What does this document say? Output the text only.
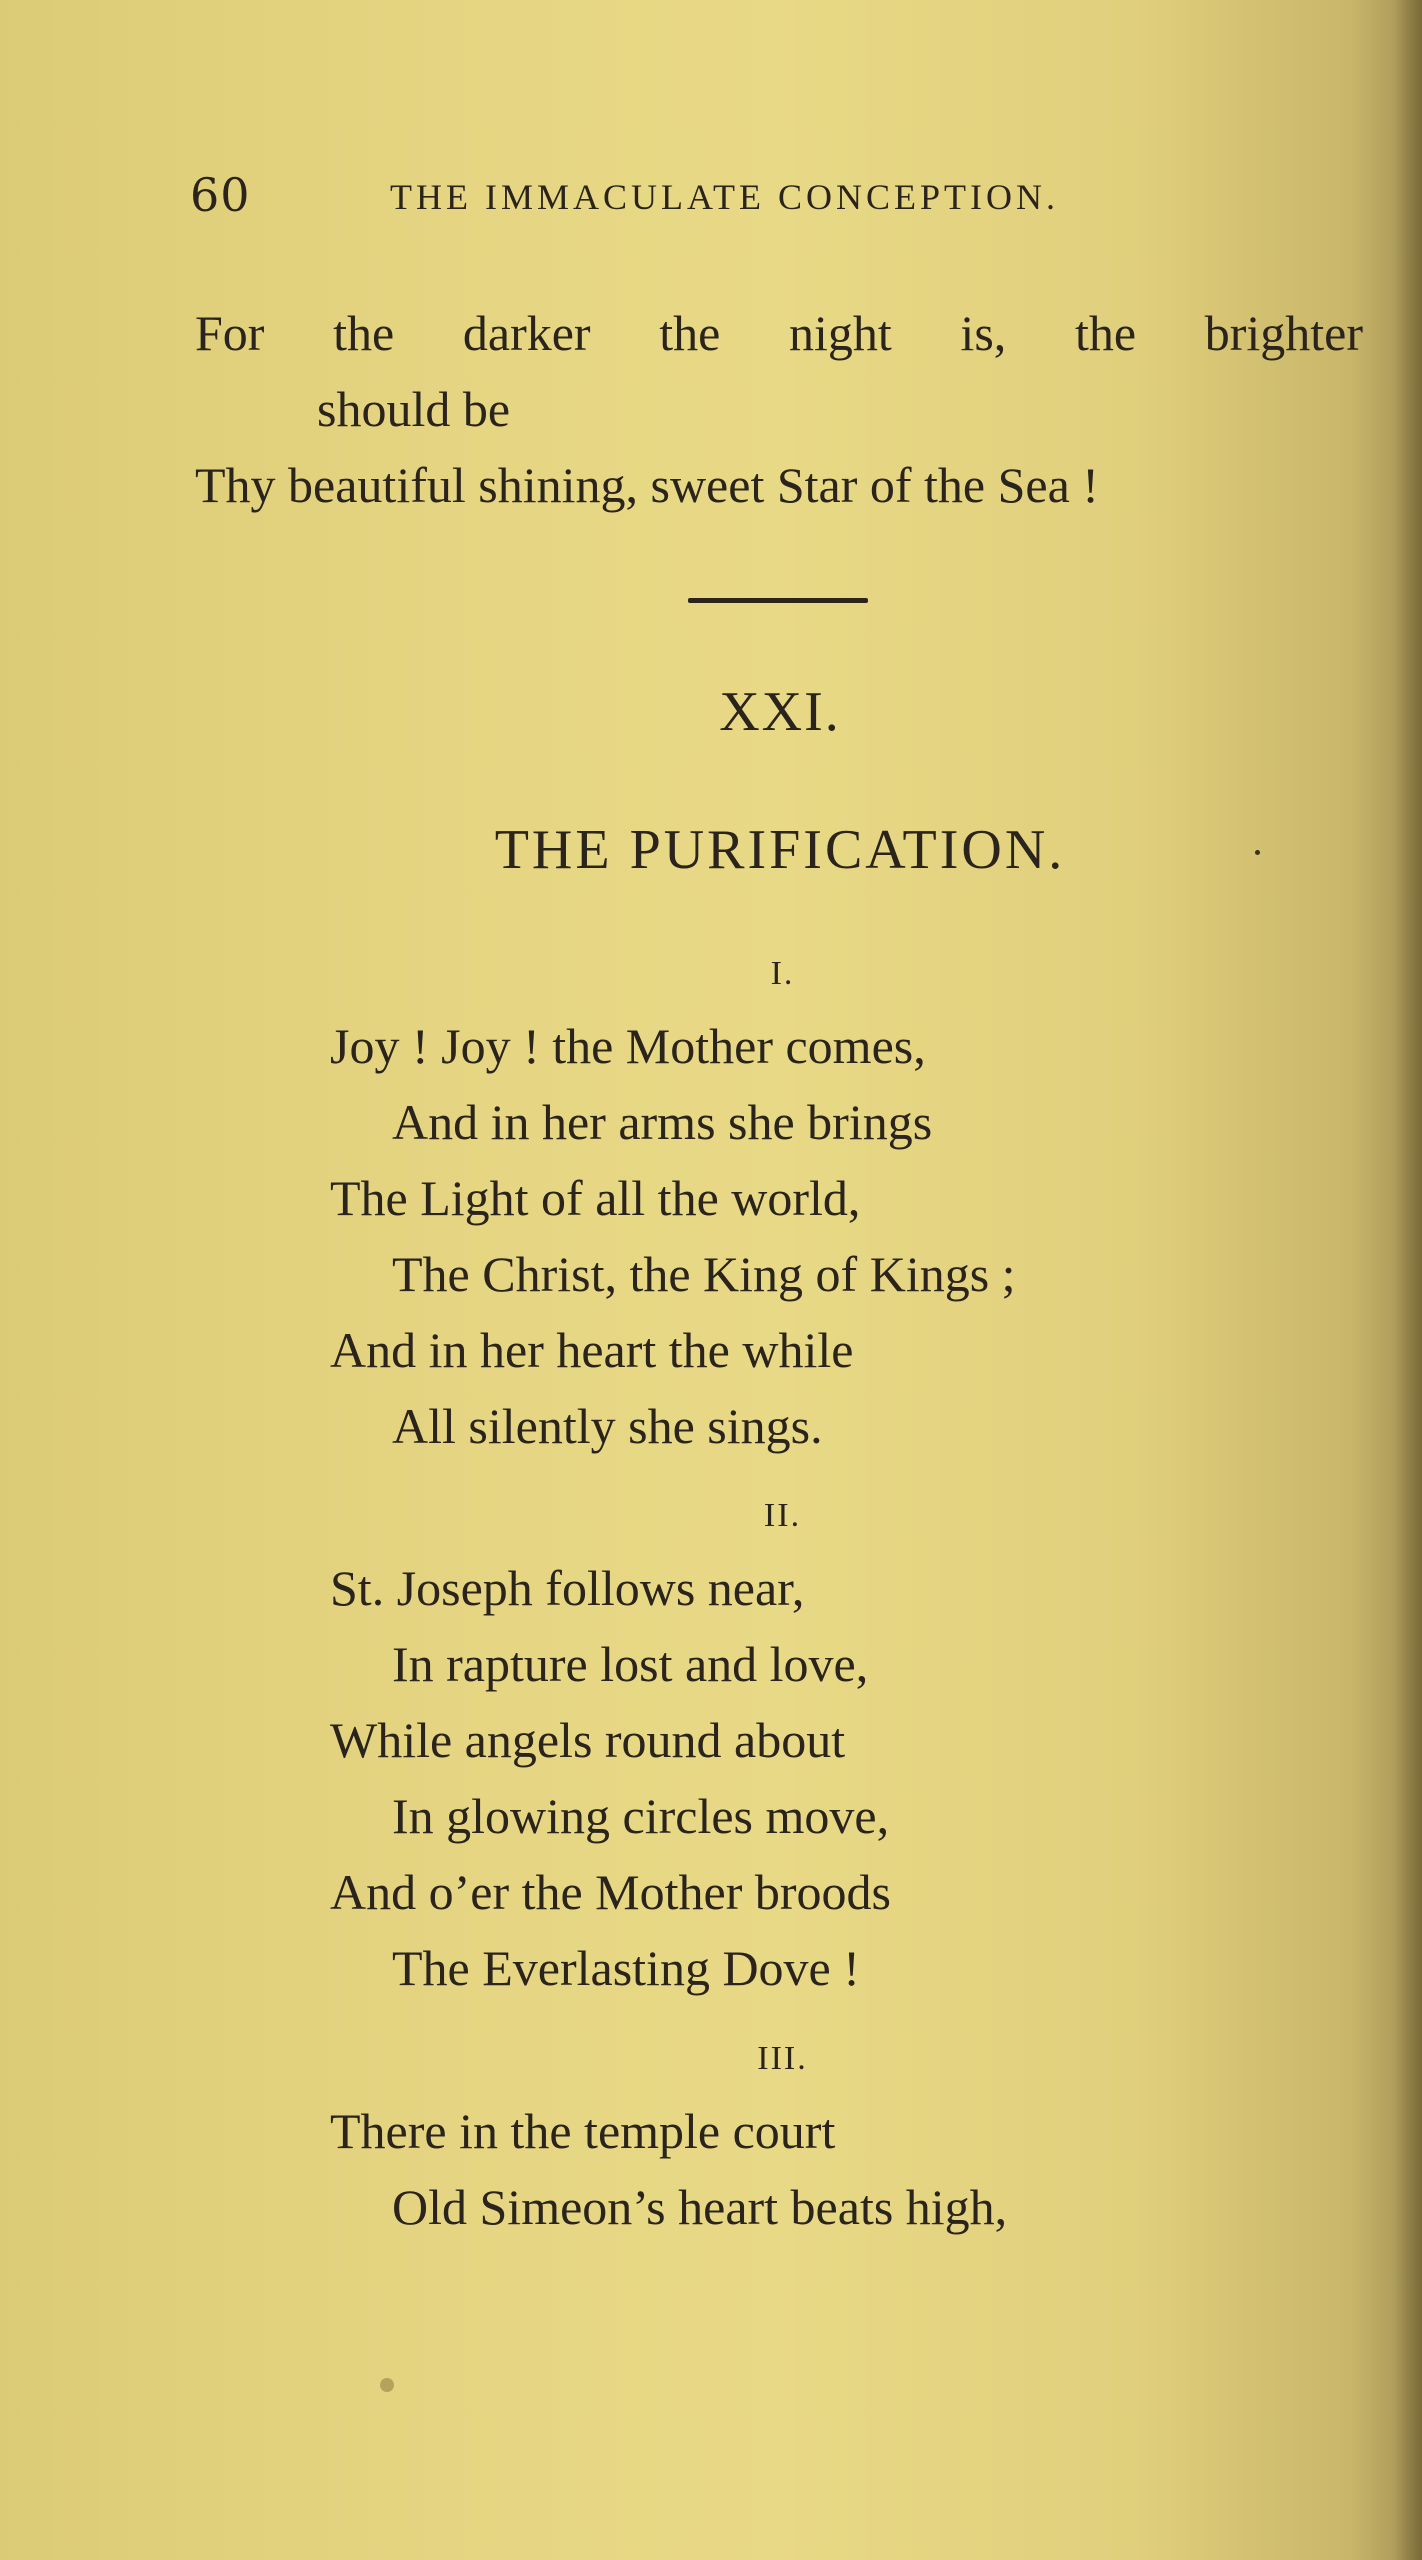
60	THE IMMACULATE CONCEPTION.
For the darker the night is, the brighter
should be
Thy beautiful shining, sweet Star of the Sea !
XXI.
THE PURIFICATION.
I.
Joy ! Joy ! the Mother comes,
And in her arms she brings
The Light of all the world,
The Christ, the King of Kings ;
And in her heart the while
All silently she sings.
II.
St. Joseph follows near,
In rapture lost and love,
While angels round about
In glowing circles move,
And o’er the Mother broods
The Everlasting Dove !
III.
There in the temple court
Old Simeon’s heart beats high,
